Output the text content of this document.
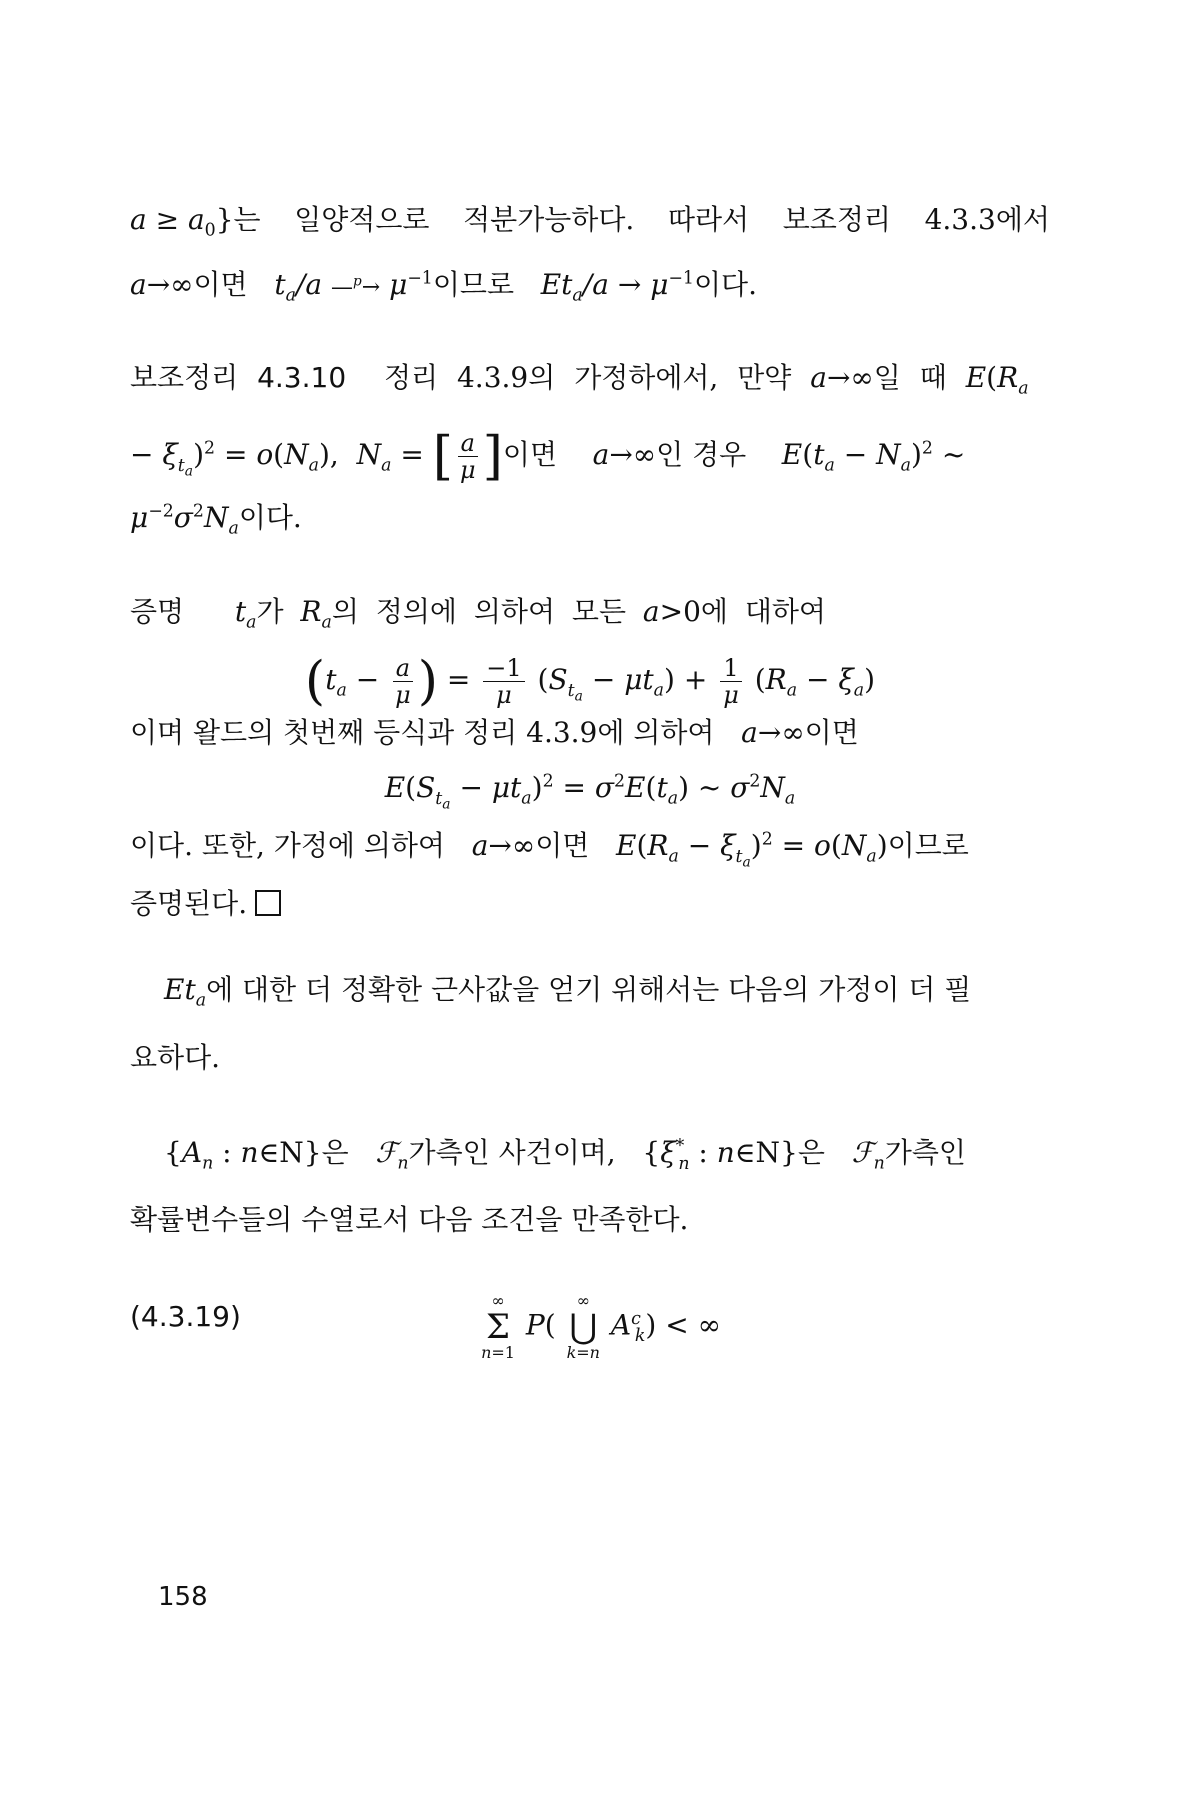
$a \ge a_0$}는 일양적으로 적분가능하다. 따라서 보조정리 4.3.3에서
a→∞이면 $t_a/a$ —$^p$→ $\mu^{-1}$이므로 $Et_a/a \to \mu^{-1}$이다.
보조정리 4.3.10 정리 4.3.9의 가정하에서, 만약 a→∞일 때 $E(R_a$
− $\xi_{t_a})^2 = o(N_a)$,  $N_a$ = [ $\frac{a}{\mu}$ ]이면 a→∞인 경우 $E(t_a - N_a)^2$ ~
$\mu^{-2}\sigma^2N_a$이다.
증명 $t_a$가 $R_a$의 정의에 의하여 모든 a>0에 대하여
($t_a - \frac{a}{\mu}$ ) = $\frac{-1}{\mu} (S_{t_a} - \mu t_a) + \frac{1}{\mu} (R_a - \xi_a)$
이며 왈드의 첫번째 등식과 정리 4.3.9에 의하여 a→∞이면
$E(S_{t_a} - \mu t_a)^2 = \sigma^2E(t_a)$ ~ $\sigma^2N_a$
이다. 또한, 가정에 의하여 a→∞이면 $E(R_a - \xi_{t_a})^2 = o(N_a)$이므로
증명된다.
$Et_a$에 대한 더 정확한 근사값을 얻기 위해서는 다음의 가정이 더 필
요하다.
{$A_n$ : n∈N}은 ℱ$_n$가측인 사건이며,   {$\xi^*_n$ : n∈N}은 ℱ$_n$가측인
확률변수들의 수열로서 다음 조건을 만족한다.
(4.3.19)	∞
Σ
n=1
P(
∞
⋃
k=n
$A^c_k$) < ∞
158
